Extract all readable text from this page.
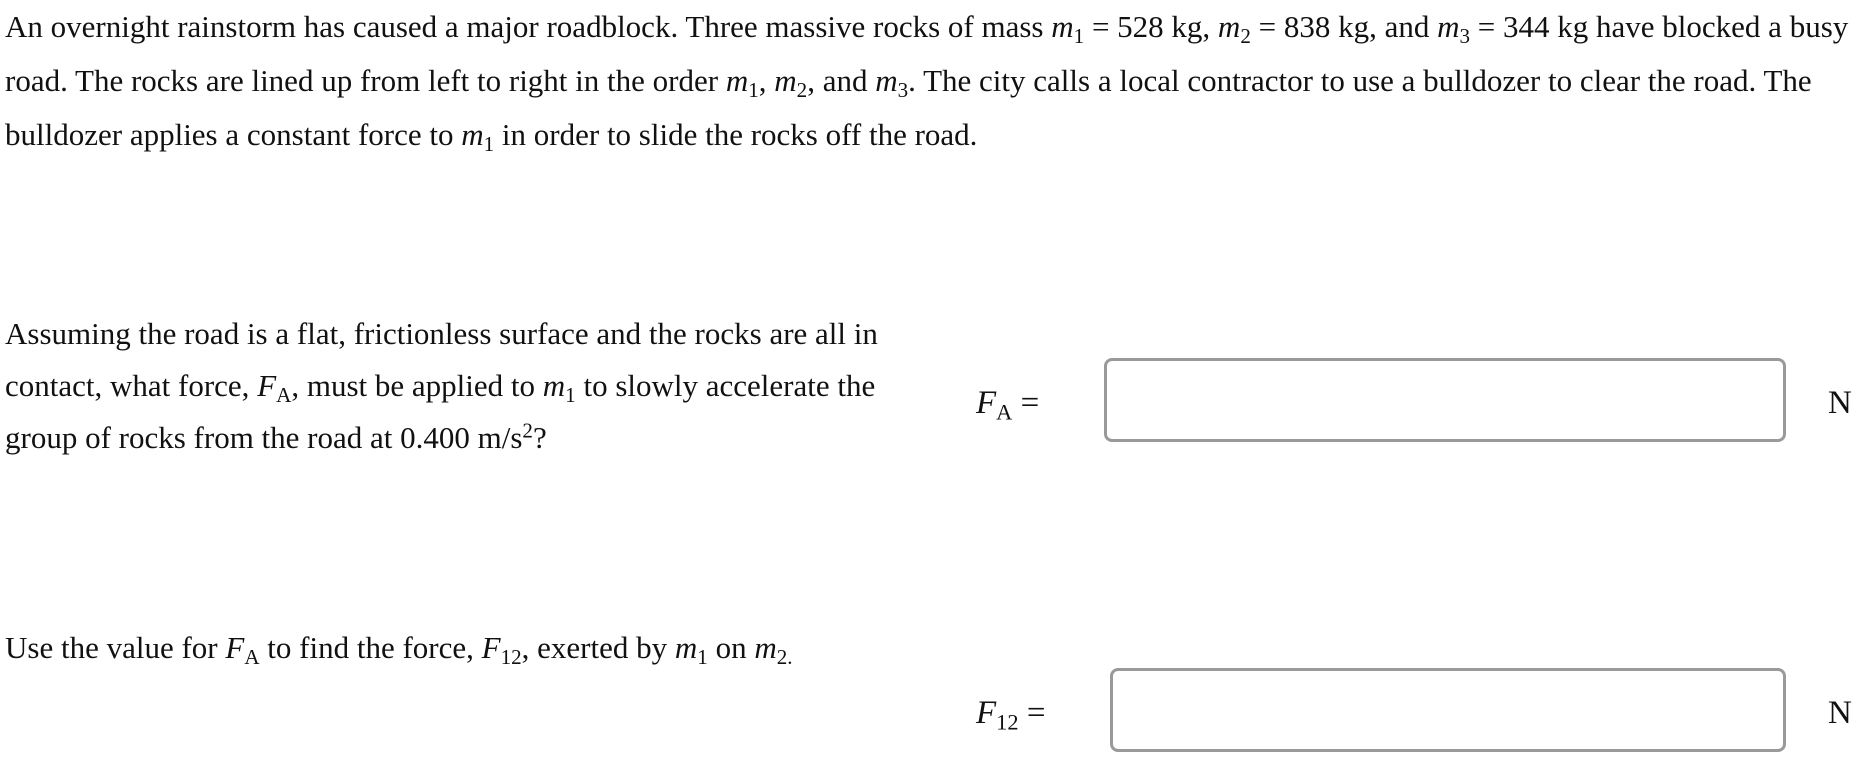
An overnight rainstorm has caused a major roadblock. Three massive rocks of mass $m_1 = 528$ kg, $m_2 = 838$ kg, and $m_3 = 344$ kg have blocked a busy road. The rocks are lined up from left to right in the order $m_1$, $m_2$, and $m_3$. The city calls a local contractor to use a bulldozer to clear the road. The bulldozer applies a constant force to $m_1$ in order to slide the rocks off the road.
Assuming the road is a flat, frictionless surface and the rocks are all in contact, what force, $F_A$, must be applied to $m_1$ to slowly accelerate the group of rocks from the road at 0.400 $m/s^2$?
$F_A$ =	N
Use the value for $F_A$ to find the force, $F_{12}$, exerted by $m_1$ on $m_{2.}$
$F_{12}$ =	N
